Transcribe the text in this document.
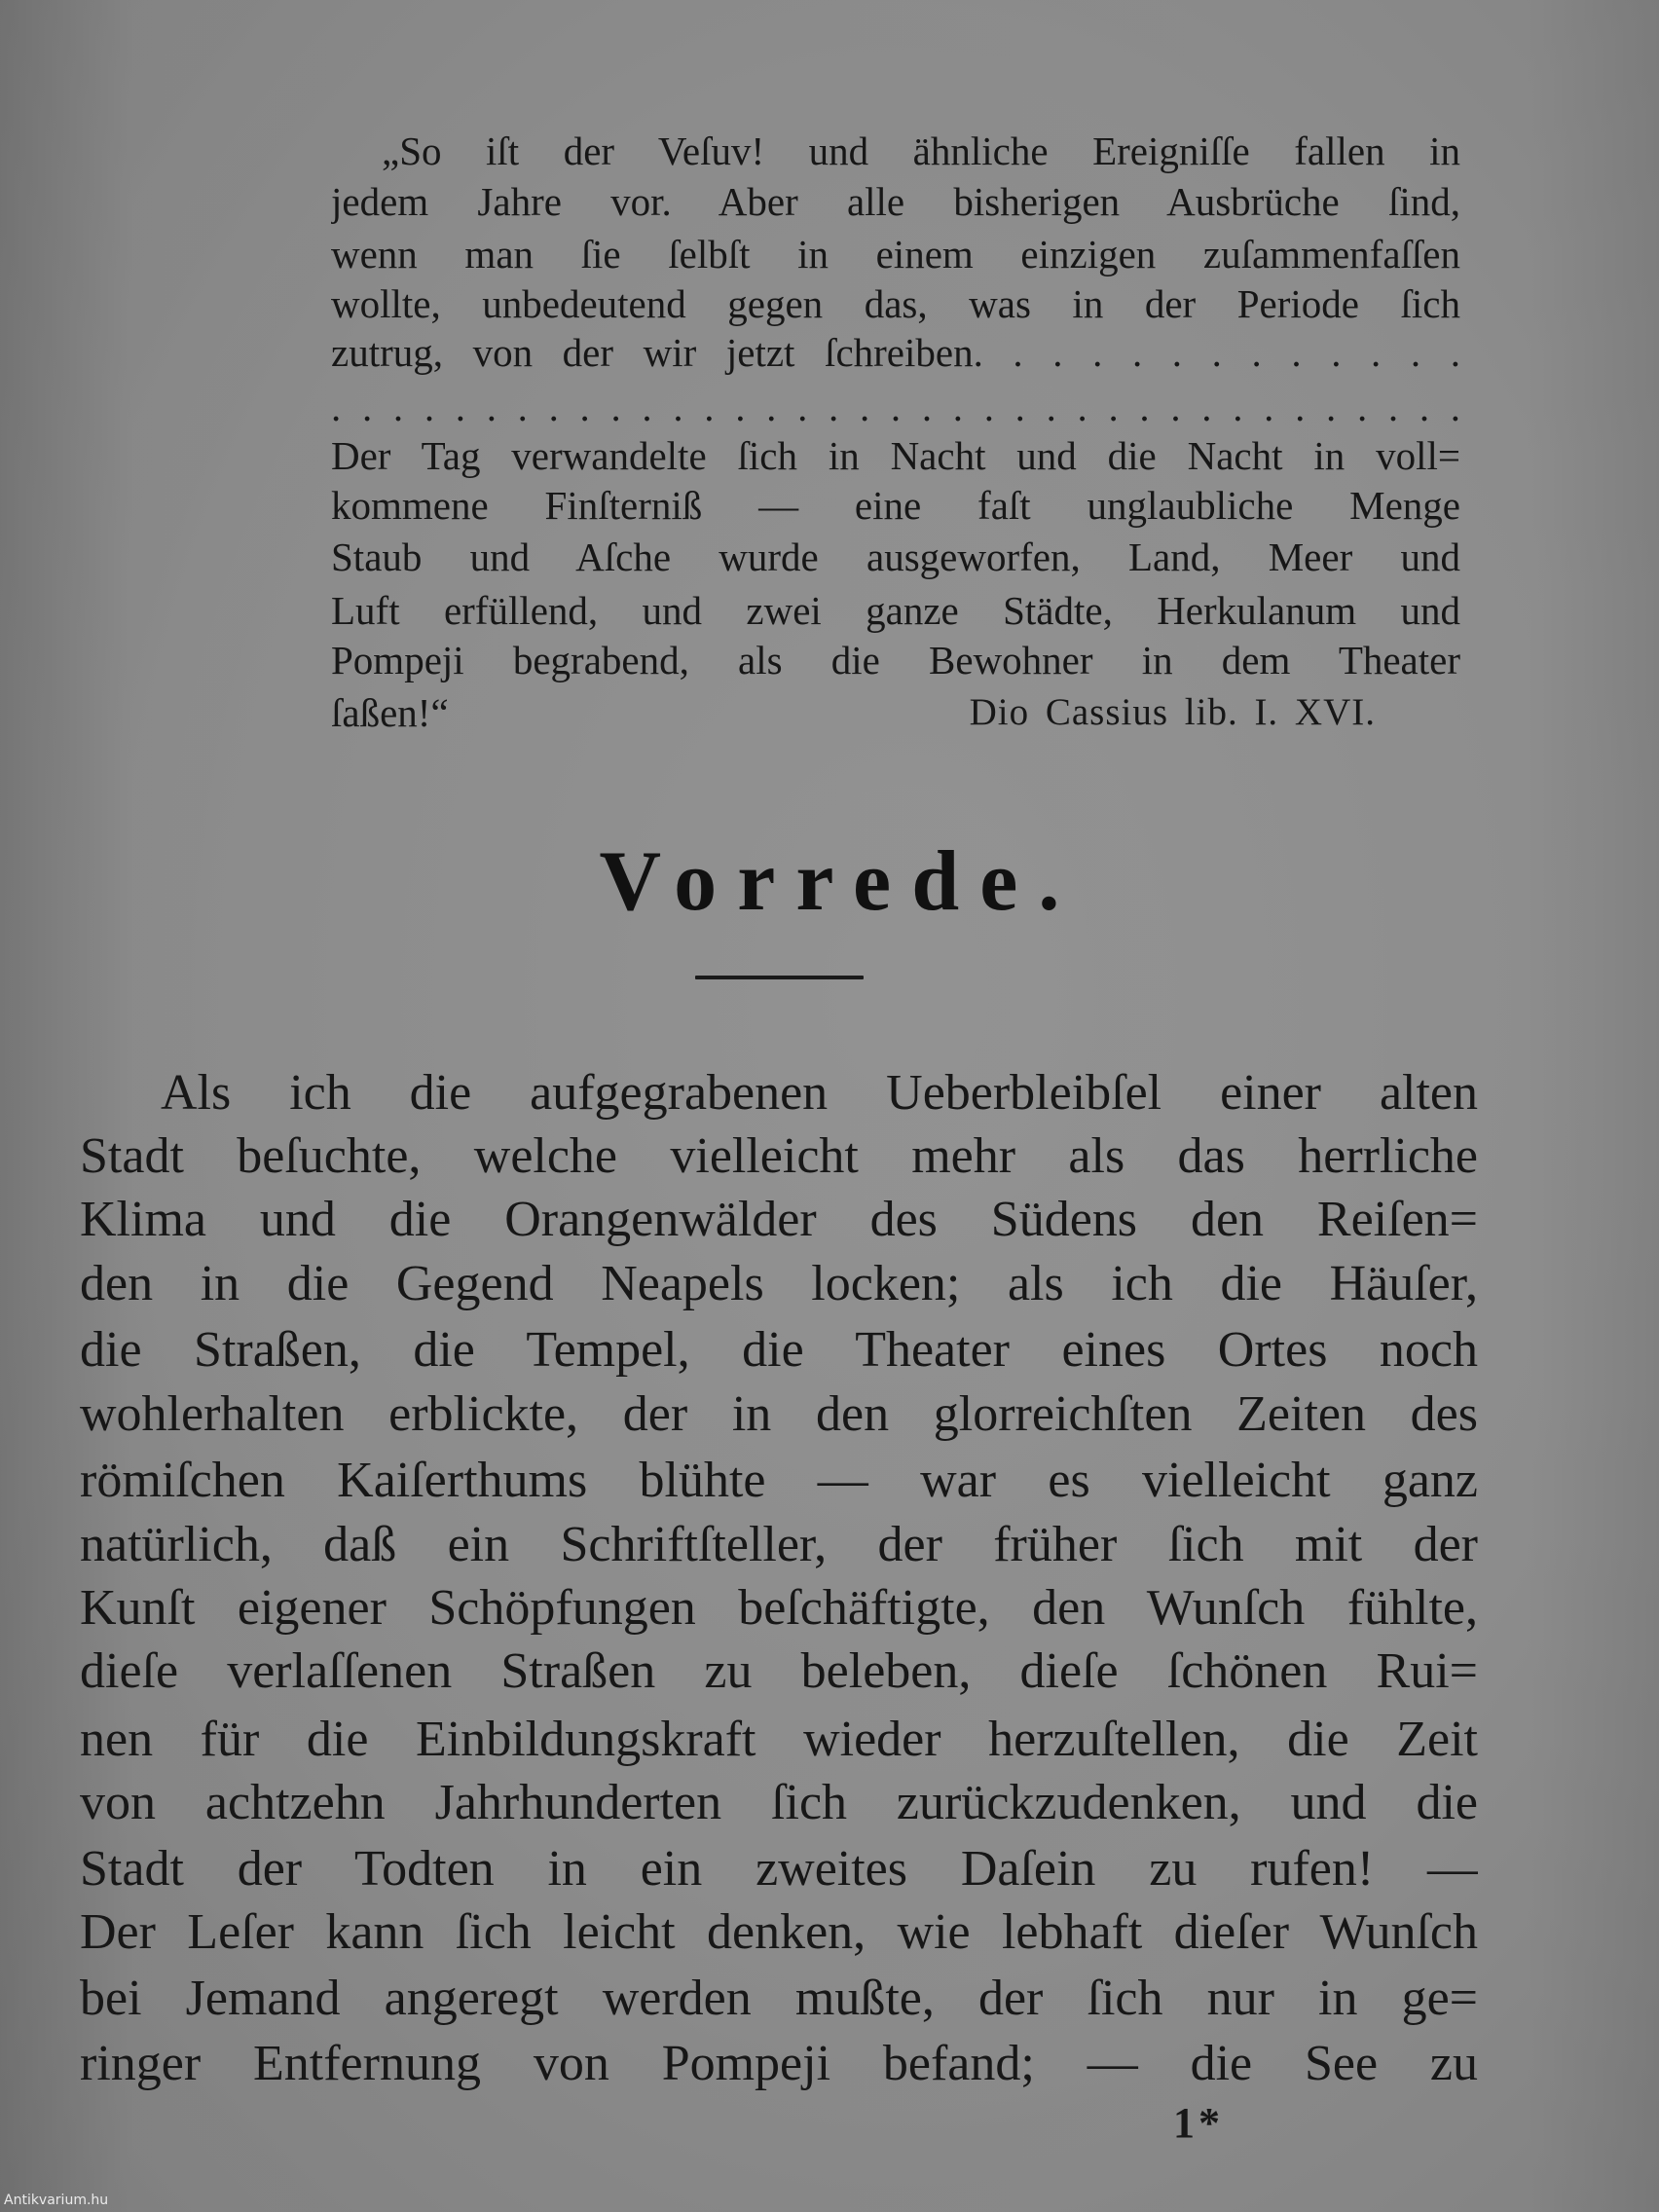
„So iſt der Veſuv! und ähnliche Ereigniſſe fallen in
jedem Jahre vor. Aber alle bisherigen Ausbrüche ſind,
wenn man ſie ſelbſt in einem einzigen zuſammenfaſſen
wollte, unbedeutend gegen das, was in der Periode ſich
zutrug, von der wir jetzt ſchreiben. . . . . . . . . . . . .
. . . . . . . . . . . . . . . . . . . . . . . . . . . . . . . . . . . . .
Der Tag verwandelte ſich in Nacht und die Nacht in voll=
kommene Finſterniß — eine faſt unglaubliche Menge
Staub und Aſche wurde ausgeworfen, Land, Meer und
Luft erfüllend, und zwei ganze Städte, Herkulanum und
Pompeji begrabend, als die Bewohner in dem Theater
ſaßen!“	Dio Cassius lib. I. XVI.
Vorrede.
Als ich die aufgegrabenen Ueberbleibſel einer alten
Stadt beſuchte, welche vielleicht mehr als das herrliche
Klima und die Orangenwälder des Südens den Reiſen=
den in die Gegend Neapels locken; als ich die Häuſer,
die Straßen, die Tempel, die Theater eines Ortes noch
wohlerhalten erblickte, der in den glorreichſten Zeiten des
römiſchen Kaiſerthums blühte — war es vielleicht ganz
natürlich, daß ein Schriftſteller, der früher ſich mit der
Kunſt eigener Schöpfungen beſchäftigte, den Wunſch fühlte,
dieſe verlaſſenen Straßen zu beleben, dieſe ſchönen Rui=
nen für die Einbildungskraft wieder herzuſtellen, die Zeit
von achtzehn Jahrhunderten ſich zurückzudenken, und die
Stadt der Todten in ein zweites Daſein zu rufen! —
Der Leſer kann ſich leicht denken, wie lebhaft dieſer Wunſch
bei Jemand angeregt werden mußte, der ſich nur in ge=
ringer Entfernung von Pompeji befand; — die See zu
1*
Antikvarium.hu
